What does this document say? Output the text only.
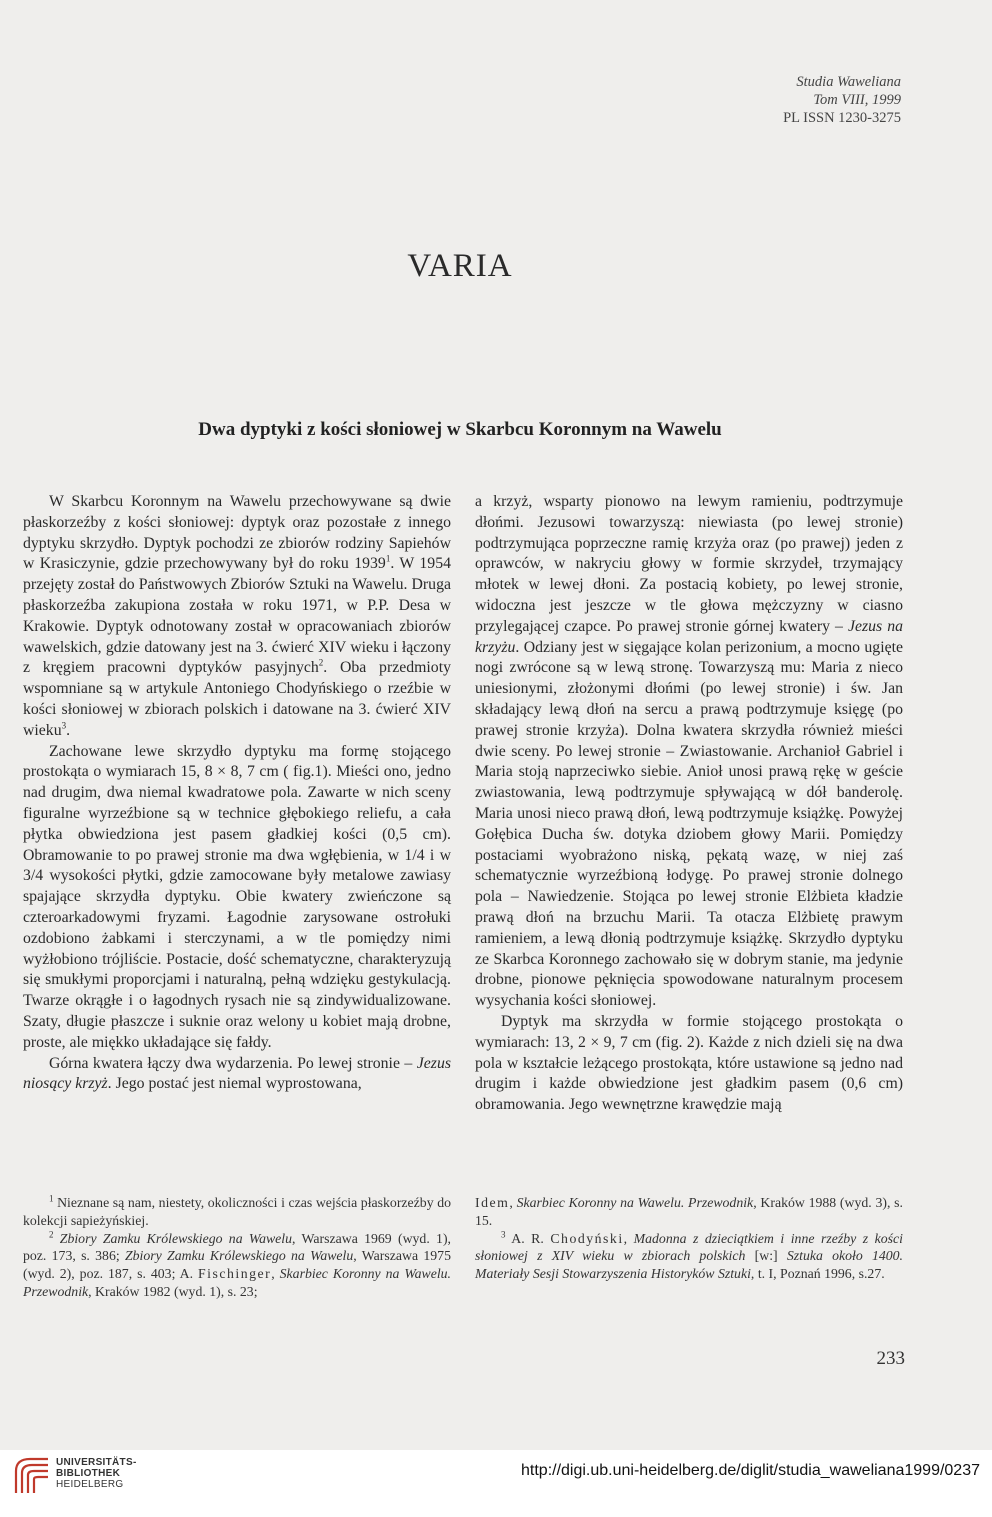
Studia Waweliana
Tom VIII, 1999
PL ISSN 1230-3275
VARIA
Dwa dyptyki z kości słoniowej w Skarbcu Koronnym na Wawelu

W Skarbcu Koronnym na Wawelu przechowywane są dwie płaskorzeźby z kości słoniowej: dyptyk oraz pozostałe z innego dyptyku skrzydło. Dyptyk pochodzi ze zbiorów rodziny Sapiehów w Krasiczynie, gdzie przechowywany był do roku 1939$^1$. W 1954 przejęty został do Państwowych Zbiorów Sztuki na Wawelu. Druga płaskorzeźba zakupiona została w roku 1971, w P.P. Desa w Krakowie. Dyptyk odnotowany został w opracowaniach zbiorów wawelskich, gdzie datowany jest na 3. ćwierć XIV wieku i łączony z kręgiem pracowni dyptyków pasyjnych$^2$. Oba przedmioty wspomniane są w artykule Antoniego Chodyńskiego o rzeźbie w kości słoniowej w zbiorach polskich i datowane na 3. ćwierć XIV wieku$^3$.

Zachowane lewe skrzydło dyptyku ma formę stojącego prostokąta o wymiarach 15, 8 × 8, 7 cm ( fig.1). Mieści ono, jedno nad drugim, dwa niemal kwadratowe pola. Zawarte w nich sceny figuralne wyrzeźbione są w technice głębokiego reliefu, a cała płytka obwiedziona jest pasem gładkiej kości (0,5 cm). Obramowanie to po prawej stronie ma dwa wgłębienia, w 1/4 i w 3/4 wysokości płytki, gdzie zamocowane były metalowe zawiasy spajające skrzydła dyptyku. Obie kwatery zwieńczone są czteroarkadowymi fryzami. Łagodnie zarysowane ostrołuki ozdobiono żabkami i sterczynami, a w tle pomiędzy nimi wyżłobiono trójliście. Postacie, dość schematyczne, charakteryzują się smukłymi proporcjami i naturalną, pełną wdzięku gestykulacją. Twarze okrągłe i o łagodnych rysach nie są zindywidualizowane. Szaty, długie płaszcze i suknie oraz welony u kobiet mają drobne, proste, ale miękko układające się fałdy.

Górna kwatera łączy dwa wydarzenia. Po lewej stronie – Jezus niosący krzyż. Jego postać jest niemal wyprostowana,

a krzyż, wsparty pionowo na lewym ramieniu, podtrzymuje dłońmi. Jezusowi towarzyszą: niewiasta (po lewej stronie) podtrzymująca poprzeczne ramię krzyża oraz (po prawej) jeden z oprawców, w nakryciu głowy w formie skrzydeł, trzymający młotek w lewej dłoni. Za postacią kobiety, po lewej stronie, widoczna jest jeszcze w tle głowa mężczyzny w ciasno przylegającej czapce. Po prawej stronie górnej kwatery – Jezus na krzyżu. Odziany jest w sięgające kolan perizonium, a mocno ugięte nogi zwrócone są w lewą stronę. Towarzyszą mu: Maria z nieco uniesionymi, złożonymi dłońmi (po lewej stronie) i św. Jan składający lewą dłoń na sercu a prawą podtrzymuje księgę (po prawej stronie krzyża). Dolna kwatera skrzydła również mieści dwie sceny. Po lewej stronie – Zwiastowanie. Archanioł Gabriel i Maria stoją naprzeciwko siebie. Anioł unosi prawą rękę w geście zwiastowania, lewą podtrzymuje spływającą w dół banderolę. Maria unosi nieco prawą dłoń, lewą podtrzymuje książkę. Powyżej Gołębica Ducha św. dotyka dziobem głowy Marii. Pomiędzy postaciami wyobrażono niską, pękatą wazę, w niej zaś schematycznie wyrzeźbioną łodygę. Po prawej stronie dolnego pola – Nawiedzenie. Stojąca po lewej stronie Elżbieta kładzie prawą dłoń na brzuchu Marii. Ta otacza Elżbietę prawym ramieniem, a lewą dłonią podtrzymuje książkę. Skrzydło dyptyku ze Skarbca Koronnego zachowało się w dobrym stanie, ma jedynie drobne, pionowe pęknięcia spowodowane naturalnym procesem wysychania kości słoniowej.

Dyptyk ma skrzydła w formie stojącego prostokąta o wymiarach: 13, 2 × 9, 7 cm (fig. 2). Każde z nich dzieli się na dwa pola w kształcie leżącego prostokąta, które ustawione są jedno nad drugim i każde obwiedzione jest gładkim pasem (0,6 cm) obramowania. Jego wewnętrzne krawędzie mają

$^1$ Nieznane są nam, niestety, okoliczności i czas wejścia płaskorzeźby do kolekcji sapieżyńskiej.

$^2$ Zbiory Zamku Królewskiego na Wawelu, Warszawa 1969 (wyd. 1), poz. 173, s. 386; Zbiory Zamku Królewskiego na Wawelu, Warszawa 1975 (wyd. 2), poz. 187, s. 403; A. Fischinger, Skarbiec Koronny na Wawelu. Przewodnik, Kraków 1982 (wyd. 1), s. 23;

Idem, Skarbiec Koronny na Wawelu. Przewodnik, Kraków 1988 (wyd. 3), s. 15.

$^3$ A. R. Chodyński, Madonna z dzieciątkiem i inne rzeźby z kości słoniowej z XIV wieku w zbiorach polskich [w:] Sztuka około 1400. Materiały Sesji Stowarzyszenia Historyków Sztuki, t. I, Poznań 1996, s.27.

233
UNIVERSITÄTS-
BIBLIOTHEK
HEIDELBERG
http://digi.ub.uni-heidelberg.de/diglit/studia_waweliana1999/0237
